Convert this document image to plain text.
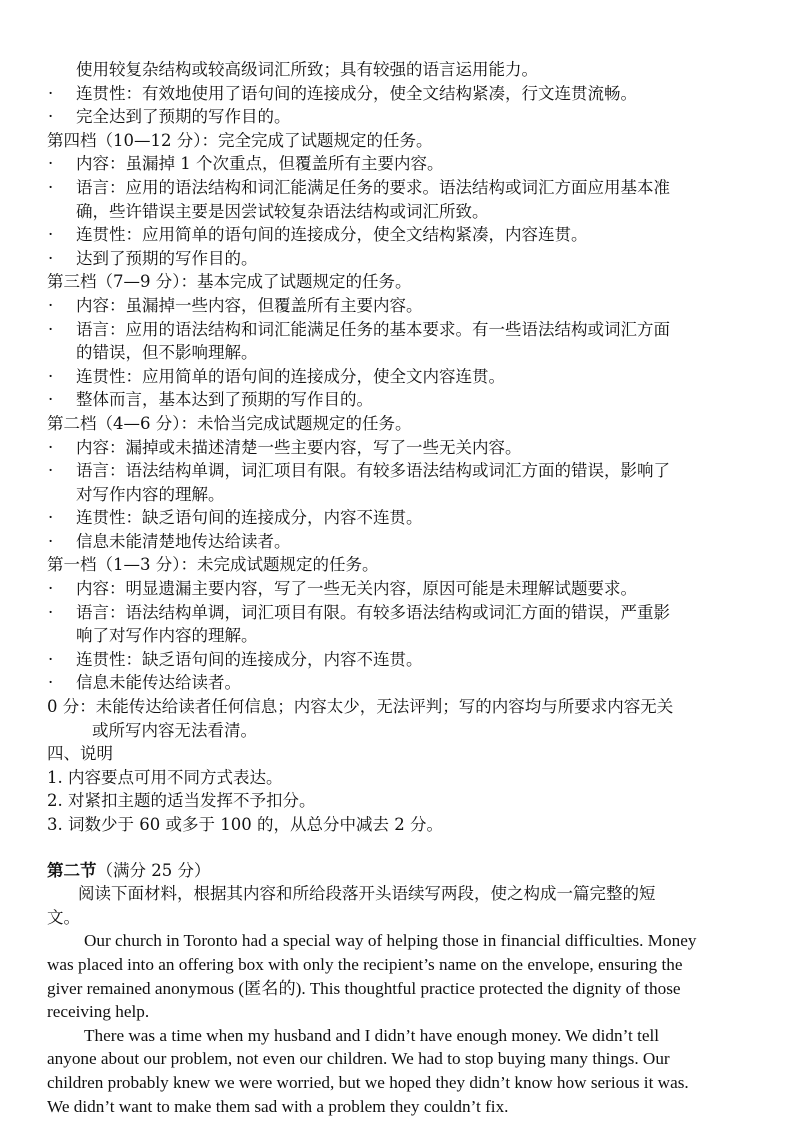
使用较复杂结构或较高级词汇所致；具有较强的语言运用能力。
· 连贯性：有效地使用了语句间的连接成分，使全文结构紧凑，行文连贯流畅。
· 完全达到了预期的写作目的。
第四档（10—12 分）：完全完成了试题规定的任务。
· 内容：虽漏掉 1 个次重点，但覆盖所有主要内容。
· 语言：应用的语法结构和词汇能满足任务的要求。语法结构或词汇方面应用基本准
确，些许错误主要是因尝试较复杂语法结构或词汇所致。
· 连贯性：应用简单的语句间的连接成分，使全文结构紧凑，内容连贯。
· 达到了预期的写作目的。
第三档（7—9 分）：基本完成了试题规定的任务。
· 内容：虽漏掉一些内容，但覆盖所有主要内容。
· 语言：应用的语法结构和词汇能满足任务的基本要求。有一些语法结构或词汇方面
的错误，但不影响理解。
· 连贯性：应用简单的语句间的连接成分，使全文内容连贯。
· 整体而言，基本达到了预期的写作目的。
第二档（4—6 分）：未恰当完成试题规定的任务。
· 内容：漏掉或未描述清楚一些主要内容，写了一些无关内容。
· 语言：语法结构单调，词汇项目有限。有较多语法结构或词汇方面的错误，影响了
对写作内容的理解。
· 连贯性：缺乏语句间的连接成分，内容不连贯。
· 信息未能清楚地传达给读者。
第一档（1—3 分）：未完成试题规定的任务。
· 内容：明显遗漏主要内容，写了一些无关内容，原因可能是未理解试题要求。
· 语言：语法结构单调，词汇项目有限。有较多语法结构或词汇方面的错误，严重影
响了对写作内容的理解。
· 连贯性：缺乏语句间的连接成分，内容不连贯。
· 信息未能传达给读者。
0 分：未能传达给读者任何信息；内容太少，无法评判；写的内容均与所要求内容无关
或所写内容无法看清。
四、说明
1. 内容要点可用不同方式表达。
2. 对紧扣主题的适当发挥不予扣分。
3. 词数少于 60 或多于 100 的，从总分中减去 2 分。
第二节（满分 25 分）
阅读下面材料，根据其内容和所给段落开头语续写两段，使之构成一篇完整的短
文。
Our church in Toronto had a special way of helping those in financial difficulties. Money
was placed into an offering box with only the recipient’s name on the envelope, ensuring the
giver remained anonymous (匿名的). This thoughtful practice protected the dignity of those
receiving help.
There was a time when my husband and I didn’t have enough money. We didn’t tell
anyone about our problem, not even our children. We had to stop buying many things. Our
children probably knew we were worried, but we hoped they didn’t know how serious it was.
We didn’t want to make them sad with a problem they couldn’t fix.
